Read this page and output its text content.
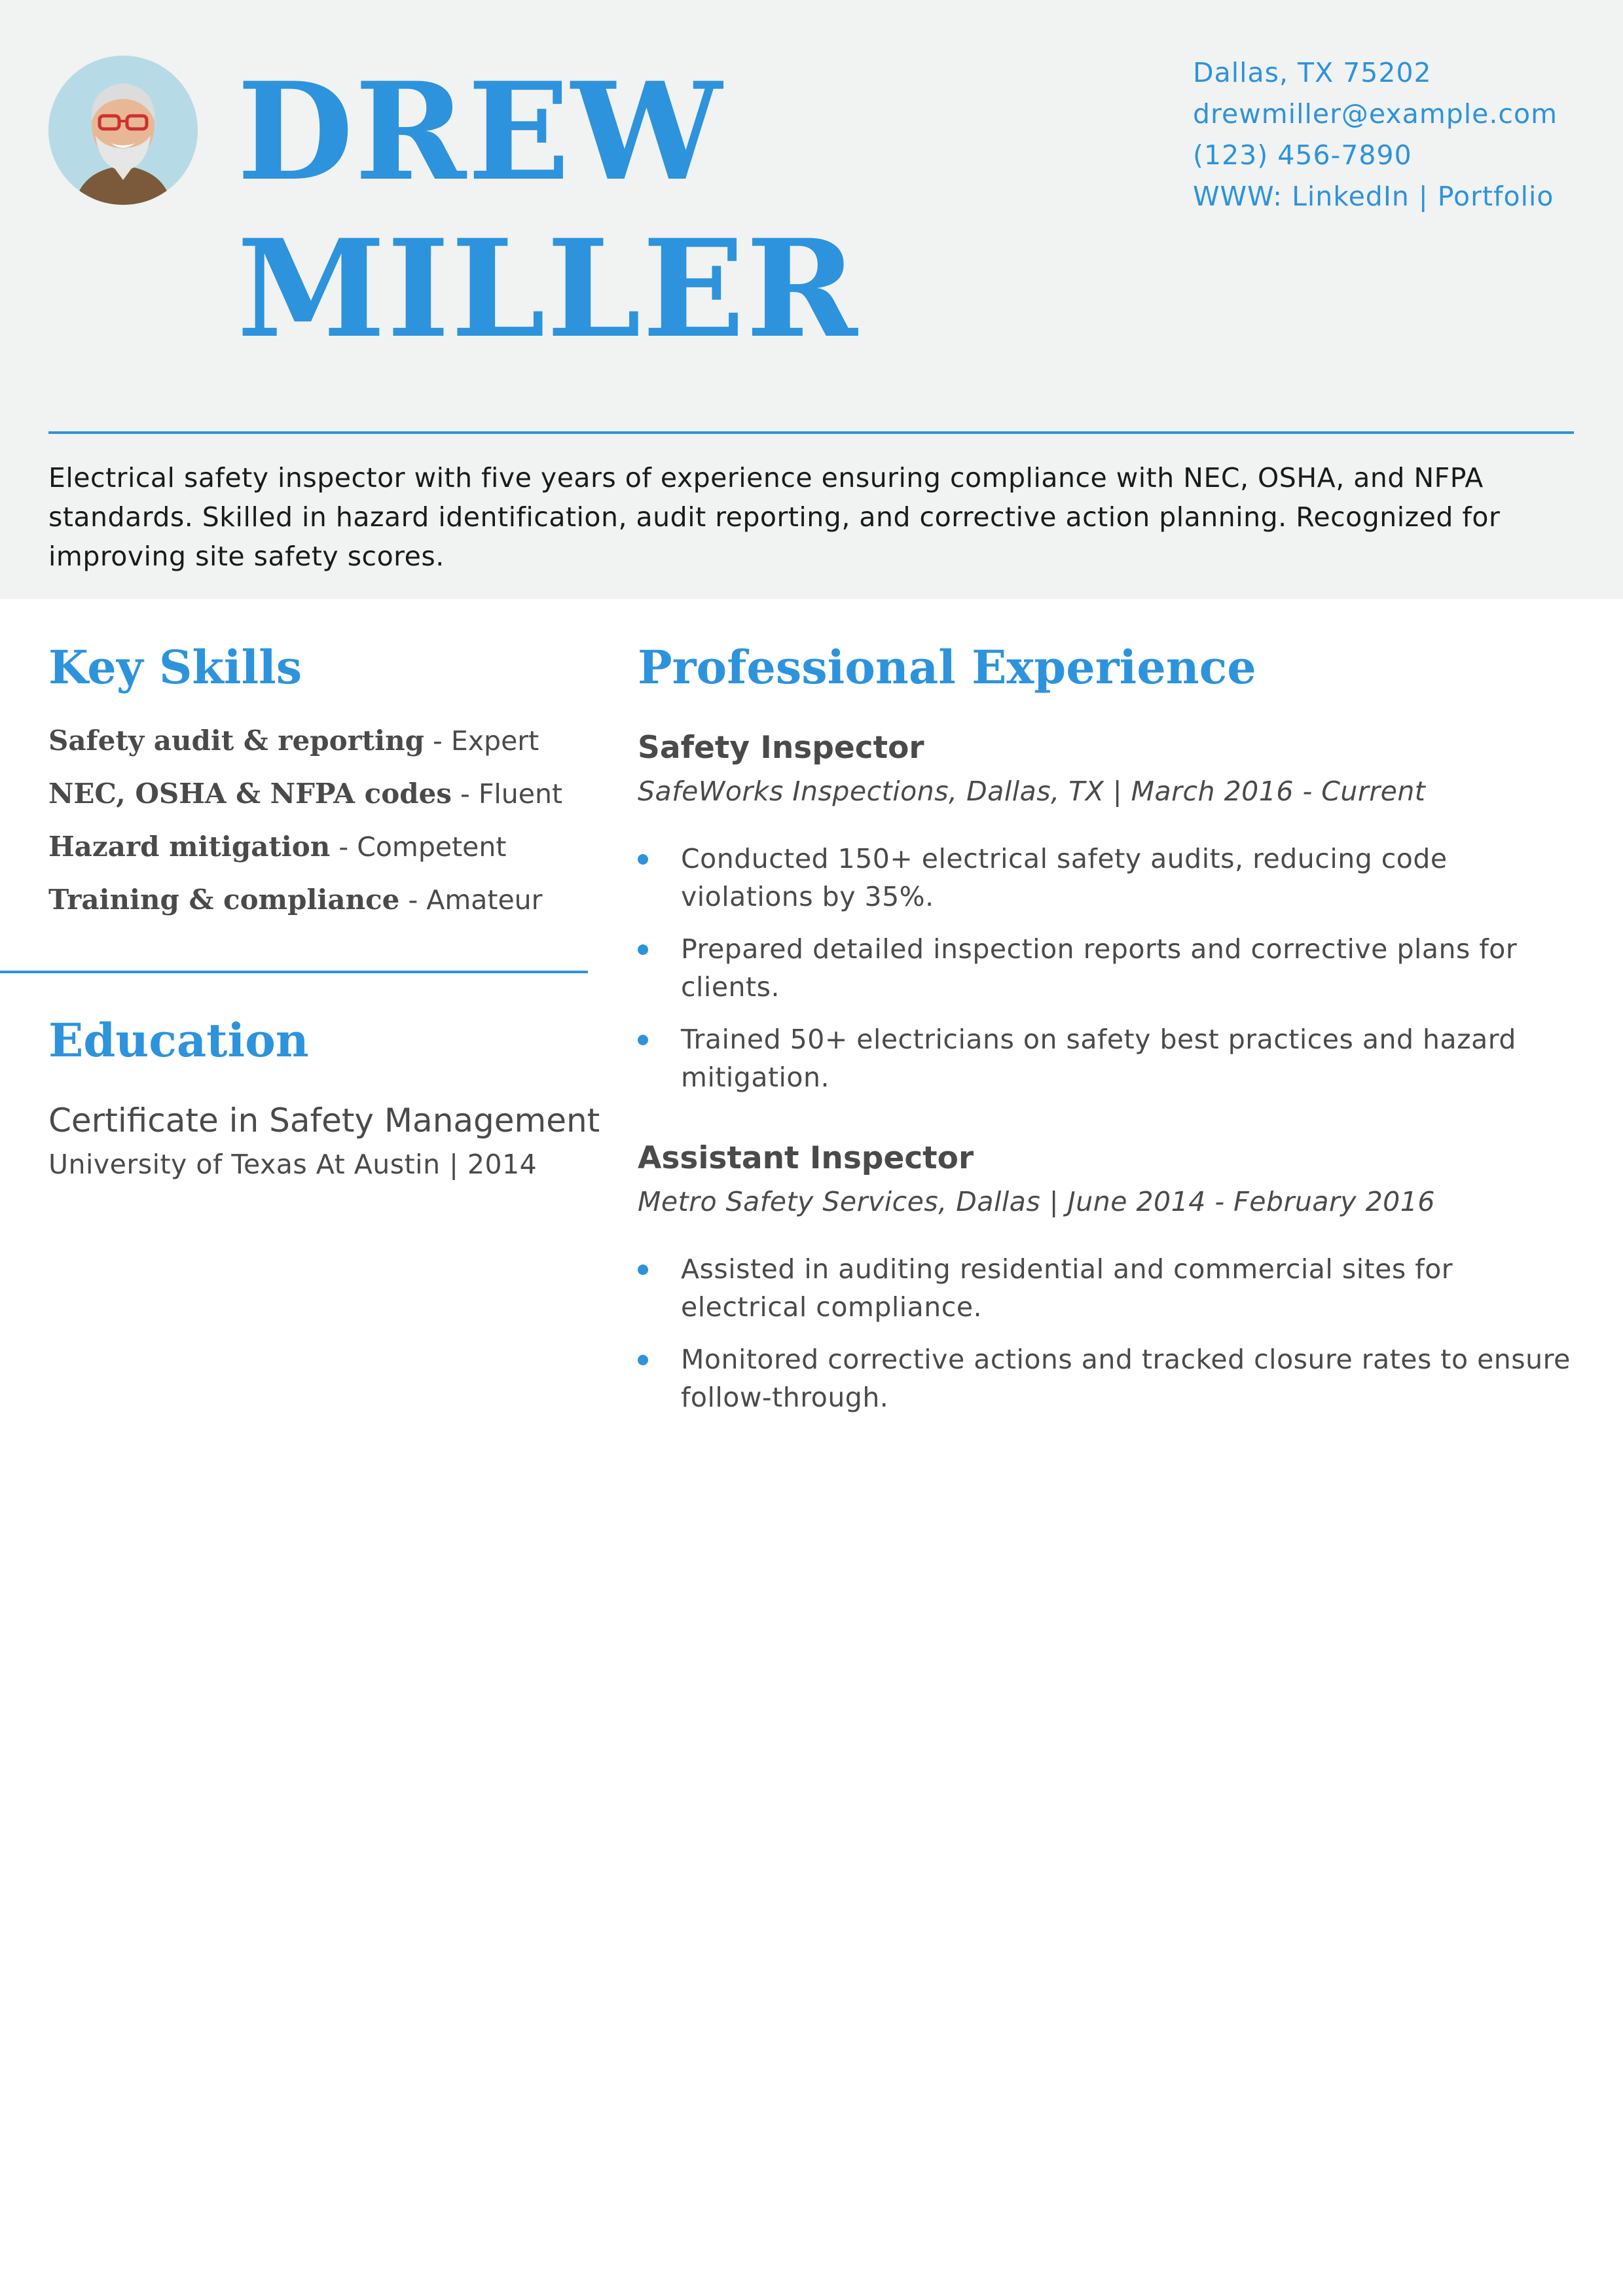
DREW
MILLER
Dallas, TX 75202
drewmiller@example.com
(123) 456-7890
WWW: LinkedIn | Portfolio
Electrical safety inspector with five years of experience ensuring compliance with NEC, OSHA, and NFPA standards. Skilled in hazard identification, audit reporting, and corrective action planning. Recognized for improving site safety scores.
Key Skills
Safety audit & reporting - Expert
NEC, OSHA & NFPA codes - Fluent
Hazard mitigation - Competent
Training & compliance - Amateur
Education
Certificate in Safety Management
University of Texas At Austin | 2014
Professional Experience
Safety Inspector
SafeWorks Inspections, Dallas, TX | March 2016 - Current
Conducted 150+ electrical safety audits, reducing code violations by 35%.
Prepared detailed inspection reports and corrective plans for clients.
Trained 50+ electricians on safety best practices and hazard mitigation.
Assistant Inspector
Metro Safety Services, Dallas | June 2014 - February 2016
Assisted in auditing residential and commercial sites for electrical compliance.
Monitored corrective actions and tracked closure rates to ensure follow-through.
